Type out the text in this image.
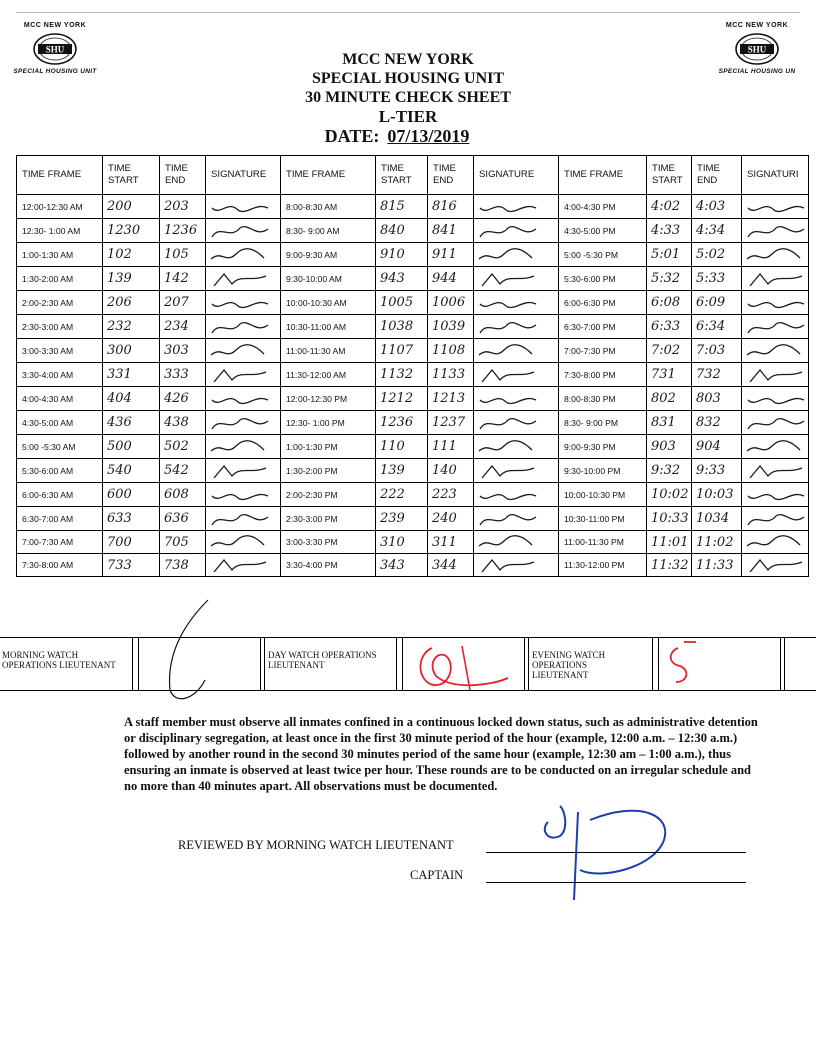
MCC NEW YORK
SHU
SPECIAL HOUSING UNIT
MCC NEW YORK
SHU
SPECIAL HOUSING UN
MCC NEW YORK
SPECIAL HOUSING UNIT
30 MINUTE CHECK SHEET
L-TIER
DATE: 07/13/2019
TIME FRAME	TIME START	TIME END	SIGNATURE	TIME FRAME	TIME START	TIME END	SIGNATURE	TIME FRAME	TIME START	TIME END	SIGNATURI
12:00-12:30 AM	200	203		8:00-8:30 AM	815	816		4:00-4:30 PM	4:02	4:03	

12:30- 1:00 AM	1230	1236		8:30- 9:00 AM	840	841		4:30-5:00 PM	4:33	4:34	

1:00-1:30 AM	102	105		9:00-9:30 AM	910	911		5:00 -5:30 PM	5:01	5:02	

1:30-2:00 AM	139	142		9:30-10:00 AM	943	944		5:30-6:00 PM	5:32	5:33	

2:00-2:30 AM	206	207		10:00-10:30 AM	1005	1006		6:00-6:30 PM	6:08	6:09	

2:30-3:00 AM	232	234		10:30-11:00 AM	1038	1039		6:30-7:00 PM	6:33	6:34	

3:00-3:30 AM	300	303		11:00-11:30 AM	1107	1108		7:00-7:30 PM	7:02	7:03	

3:30-4:00 AM	331	333		11:30-12:00 AM	1132	1133		7:30-8:00 PM	731	732	

4:00-4:30 AM	404	426		12:00-12:30 PM	1212	1213		8:00-8:30 PM	802	803	

4:30-5:00 AM	436	438		12:30- 1:00 PM	1236	1237		8:30- 9:00 PM	831	832	

5:00 -5:30 AM	500	502		1:00-1:30 PM	110	111		9:00-9:30 PM	903	904	

5:30-6:00 AM	540	542		1:30-2:00 PM	139	140		9:30-10:00 PM	9:32	9:33	

6:00-6:30 AM	600	608		2:00-2:30 PM	222	223		10:00-10:30 PM	10:02	10:03	

6:30-7:00 AM	633	636		2:30-3:00 PM	239	240		10:30-11:00 PM	10:33	1034	

7:00-7:30 AM	700	705		3:00-3:30 PM	310	311		11:00-11:30 PM	11:01	11:02	

7:30-8:00 AM	733	738		3:30-4:00 PM	343	344		11:30-12:00 PM	11:32	11:33	
MORNING WATCH OPERATIONS LIEUTENANT
DAY WATCH OPERATIONS LIEUTENANT
EVENING WATCH OPERATIONS LIEUTENANT
A staff member must observe all inmates confined in a continuous locked down status, such as administrative detention or disciplinary segregation, at least once in the first 30 minute period of the hour (example, 12:00 a.m. – 12:30 a.m.) followed by another round in the second 30 minutes period of the same hour (example, 12:30 am – 1:00 a.m.), thus ensuring an inmate is observed at least twice per hour. These rounds are to be conducted on an irregular schedule and no more than 40 minutes apart. All observations must be documented.
REVIEWED BY MORNING WATCH LIEUTENANT
CAPTAIN
